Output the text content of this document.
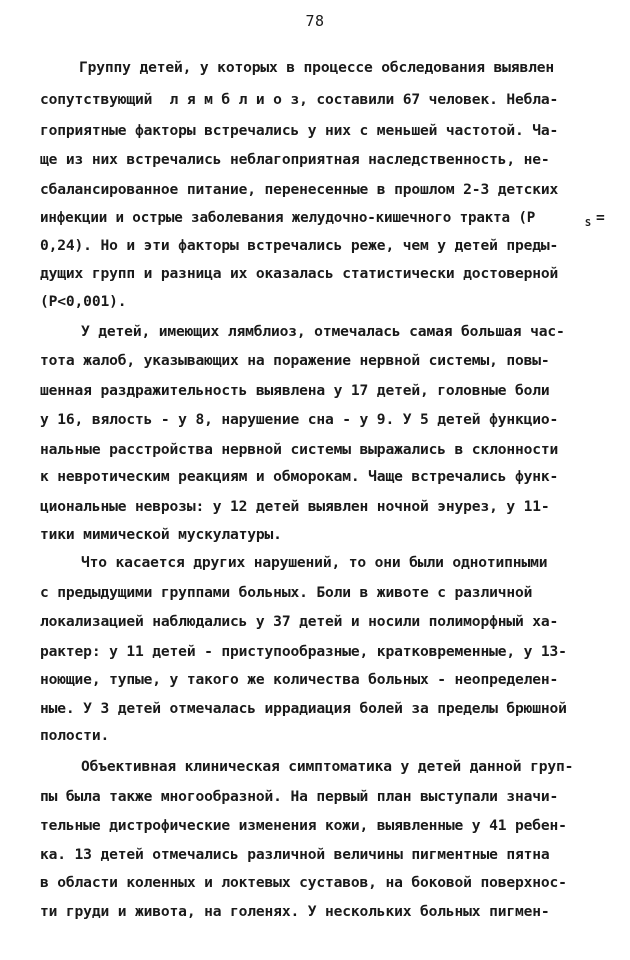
78
Группу детей, у которых в процессе обследования выявлен
сопутствующий  л я м б л и о з, составили 67 человек. Небла-
гоприятные факторы встречались у них с меньшей частотой. Ча-
ще из них встречались неблагоприятная наследственность, не-
сбалансированное питание, перенесенные в прошлом 2-3 детских
инфекции и острые заболевания желудочно-кишечного тракта (P	S =
0,24). Но и эти факторы встречались реже, чем у детей преды-
дущих групп и разница их оказалась статистически достоверной
(P<0,001).
У детей, имеющих лямблиоз, отмечалась самая большая час-
тота жалоб, указывающих на поражение нервной системы, повы-
шенная раздражительность выявлена у 17 детей, головные боли
у 16, вялость - у 8, нарушение сна - у 9. У 5 детей функцио-
нальные расстройства нервной системы выражались в склонности
к невротическим реакциям и обморокам. Чаще встречались функ-
циональные неврозы: у 12 детей выявлен ночной энурез, у 11-
тики мимической мускулатуры.
Что касается других нарушений, то они были однотипными
с предыдущими группами больных. Боли в животе с различной
локализацией наблюдались у 37 детей и носили полиморфный ха-
рактер: у 11 детей - приступообразные, кратковременные, у 13-
ноющие, тупые, у такого же количества больных - неопределен-
ные. У 3 детей отмечалась иррадиация болей за пределы брюшной
полости.
Объективная клиническая симптоматика у детей данной груп-
пы была также многообразной. На первый план выступали значи-
тельные дистрофические изменения кожи, выявленные у 41 ребен-
ка. 13 детей отмечались различной величины пигментные пятна
в области коленных и локтевых суставов, на боковой поверхнос-
ти груди и живота, на голенях. У нескольких больных пигмен-
